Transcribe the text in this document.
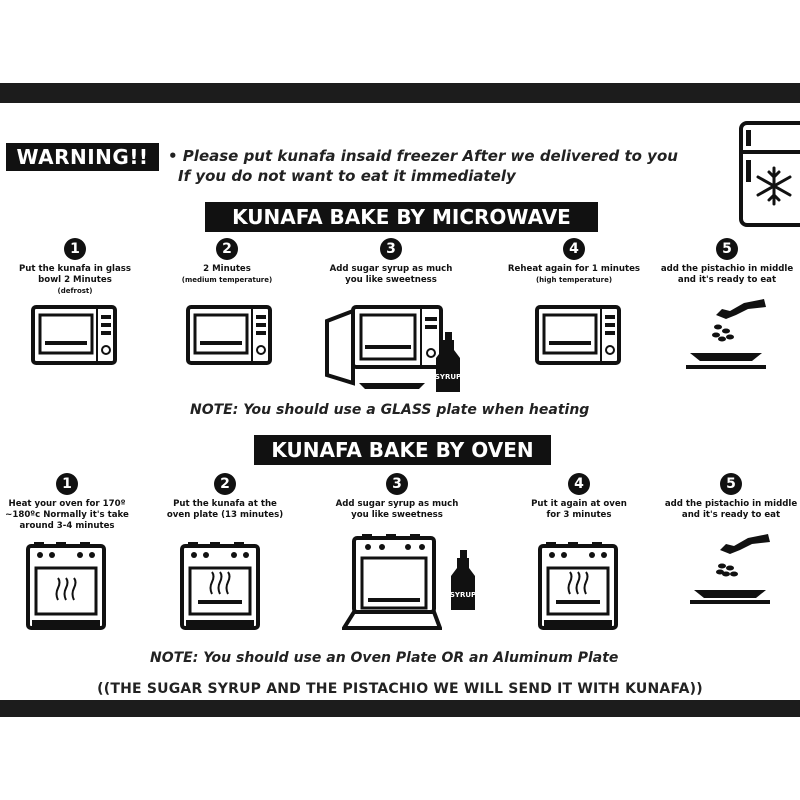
WARNING!!	• Please put kunafa insaid freezer After we delivered to you
If you do not want to eat it immediately
KUNAFA BAKE BY MICROWAVE
1
Put the kunafa in glass bowl 2 Minutes
(defrost)
2
2 Minutes
(medium temperature)
3
Add sugar syrup as much you like sweetness
4
Reheat again for 1 minutes
(high temperature)
5
add the pistachio in middle and it's ready to eat
SYRUP
NOTE: You should use a GLASS plate when heating
KUNAFA BAKE BY OVEN
1
Heat your oven for 170º ~180ºc Normally it's take around 3-4 minutes
2
Put the kunafa at the oven plate (13 minutes)
3
Add sugar syrup as much you like sweetness
4
Put it again at oven for 3 minutes
5
add the pistachio in middle and it's ready to eat
SYRUP
NOTE: You should use an Oven Plate OR an Aluminum Plate
((THE SUGAR SYRUP AND THE PISTACHIO WE WILL SEND IT WITH KUNAFA))
